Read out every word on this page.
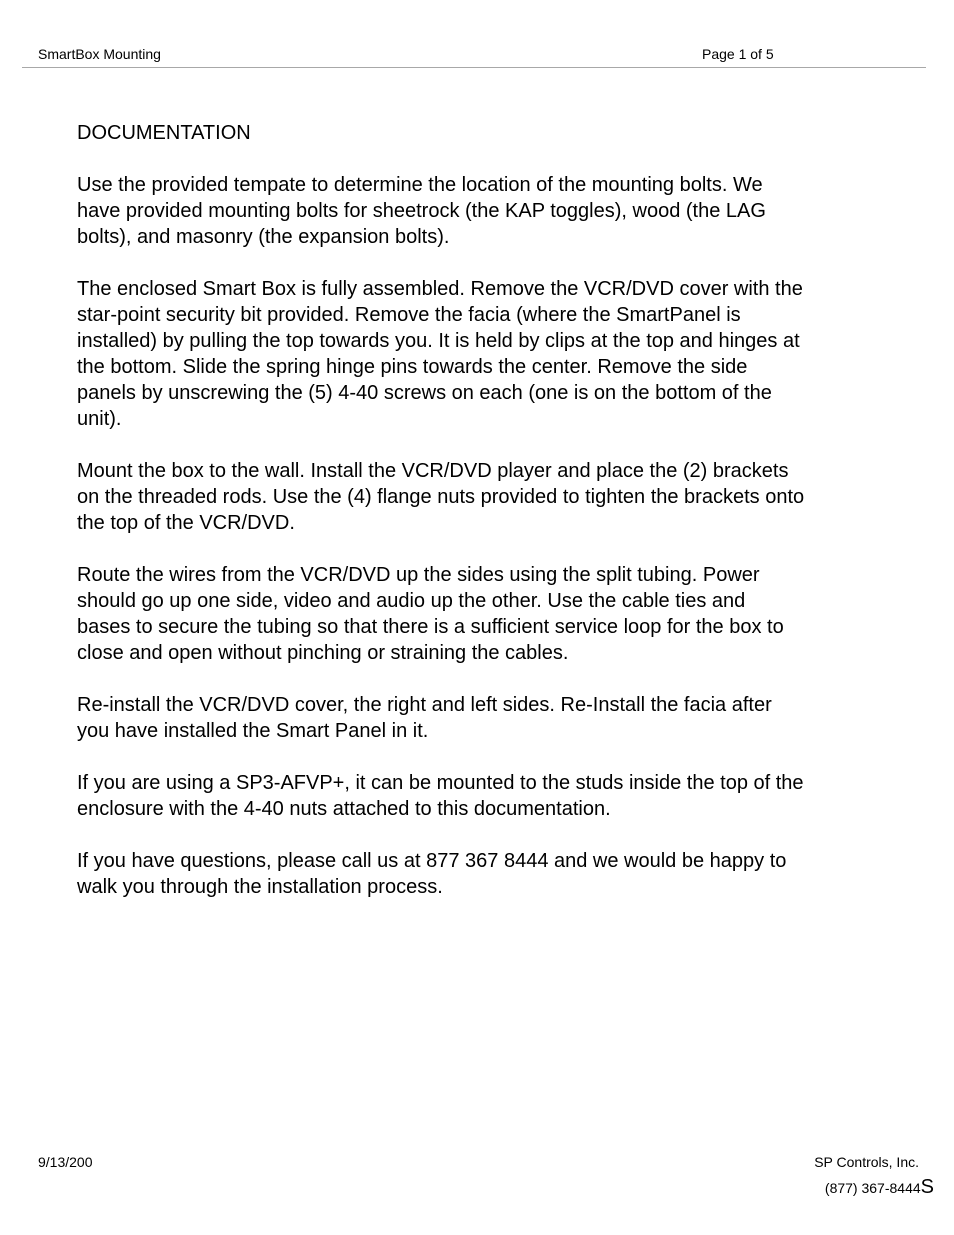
SmartBox Mounting	Page 1 of 5
DOCUMENTATION

Use the provided tempate to determine the location of the mounting bolts. We
have provided mounting bolts for sheetrock (the KAP toggles), wood (the LAG
bolts), and masonry (the expansion bolts).

The enclosed Smart Box is fully assembled. Remove the VCR/DVD cover with the
star-point security bit provided. Remove the facia (where the SmartPanel is
installed) by pulling the top towards you. It is held by clips at the top and hinges at
the bottom. Slide the spring hinge pins towards the center. Remove the side
panels by unscrewing the (5) 4-40 screws on each (one is on the bottom of the
unit).

Mount the box to the wall. Install the VCR/DVD player and place the (2) brackets
on the threaded rods. Use the (4) flange nuts provided to tighten the brackets onto
the top of the VCR/DVD.

Route the wires from the VCR/DVD up the sides using the split tubing. Power
should go up one side, video and audio up the other. Use the cable ties and
bases to secure the tubing so that there is a sufficient service loop for the box to
close and open without pinching or straining the cables.

Re-install the VCR/DVD cover, the right and left sides. Re-Install the facia after
you have installed the Smart Panel in it.

If you are using a SP3-AFVP+, it can be mounted to the studs inside the top of the
enclosure with the 4-40 nuts attached to this documentation.

If you have questions, please call us at 877 367 8444 and we would be happy to
walk you through the installation process.

9/13/200	SP Controls, Inc.
(877) 367-8444S
